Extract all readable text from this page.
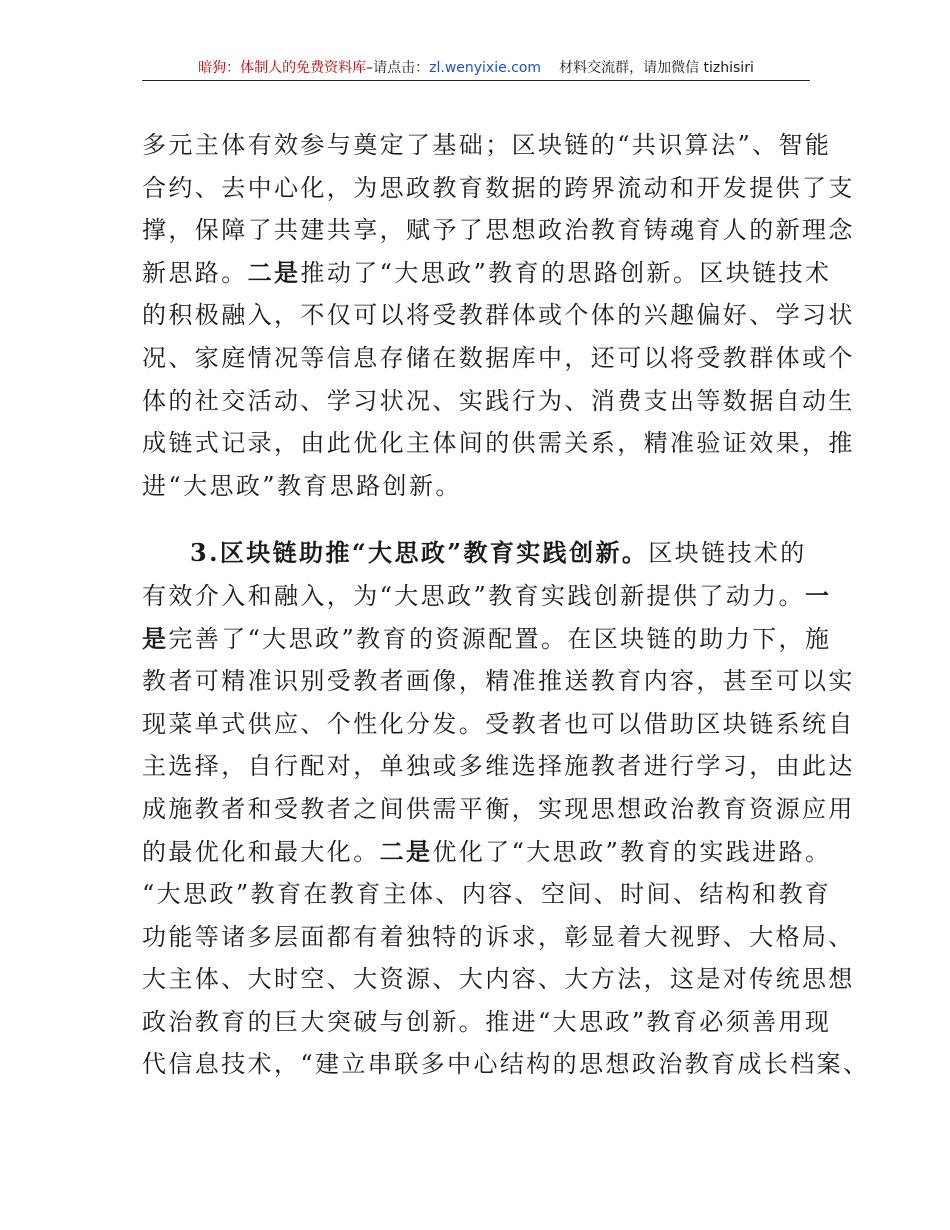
暗狗：体制人的免费资料库–请点击：zl.wenyixie.com 材料交流群，请加微信 tizhisiri
多元主体有效参与奠定了基础；区块链的“共识算法”、智能
合约、去中心化，为思政教育数据的跨界流动和开发提供了支
撑，保障了共建共享，赋予了思想政治教育铸魂育人的新理念
新思路。二是推动了“大思政”教育的思路创新。区块链技术
的积极融入，不仅可以将受教群体或个体的兴趣偏好、学习状
况、家庭情况等信息存储在数据库中，还可以将受教群体或个
体的社交活动、学习状况、实践行为、消费支出等数据自动生
成链式记录，由此优化主体间的供需关系，精准验证效果，推
进“大思政”教育思路创新。
3.区块链助推“大思政”教育实践创新。区块链技术的
有效介入和融入，为“大思政”教育实践创新提供了动力。一
是完善了“大思政”教育的资源配置。在区块链的助力下，施
教者可精准识别受教者画像，精准推送教育内容，甚至可以实
现菜单式供应、个性化分发。受教者也可以借助区块链系统自
主选择，自行配对，单独或多维选择施教者进行学习，由此达
成施教者和受教者之间供需平衡，实现思想政治教育资源应用
的最优化和最大化。二是优化了“大思政”教育的实践进路。
“大思政”教育在教育主体、内容、空间、时间、结构和教育
功能等诸多层面都有着独特的诉求，彰显着大视野、大格局、
大主体、大时空、大资源、大内容、大方法，这是对传统思想
政治教育的巨大突破与创新。推进“大思政”教育必须善用现
代信息技术，“建立串联多中心结构的思想政治教育成长档案、
